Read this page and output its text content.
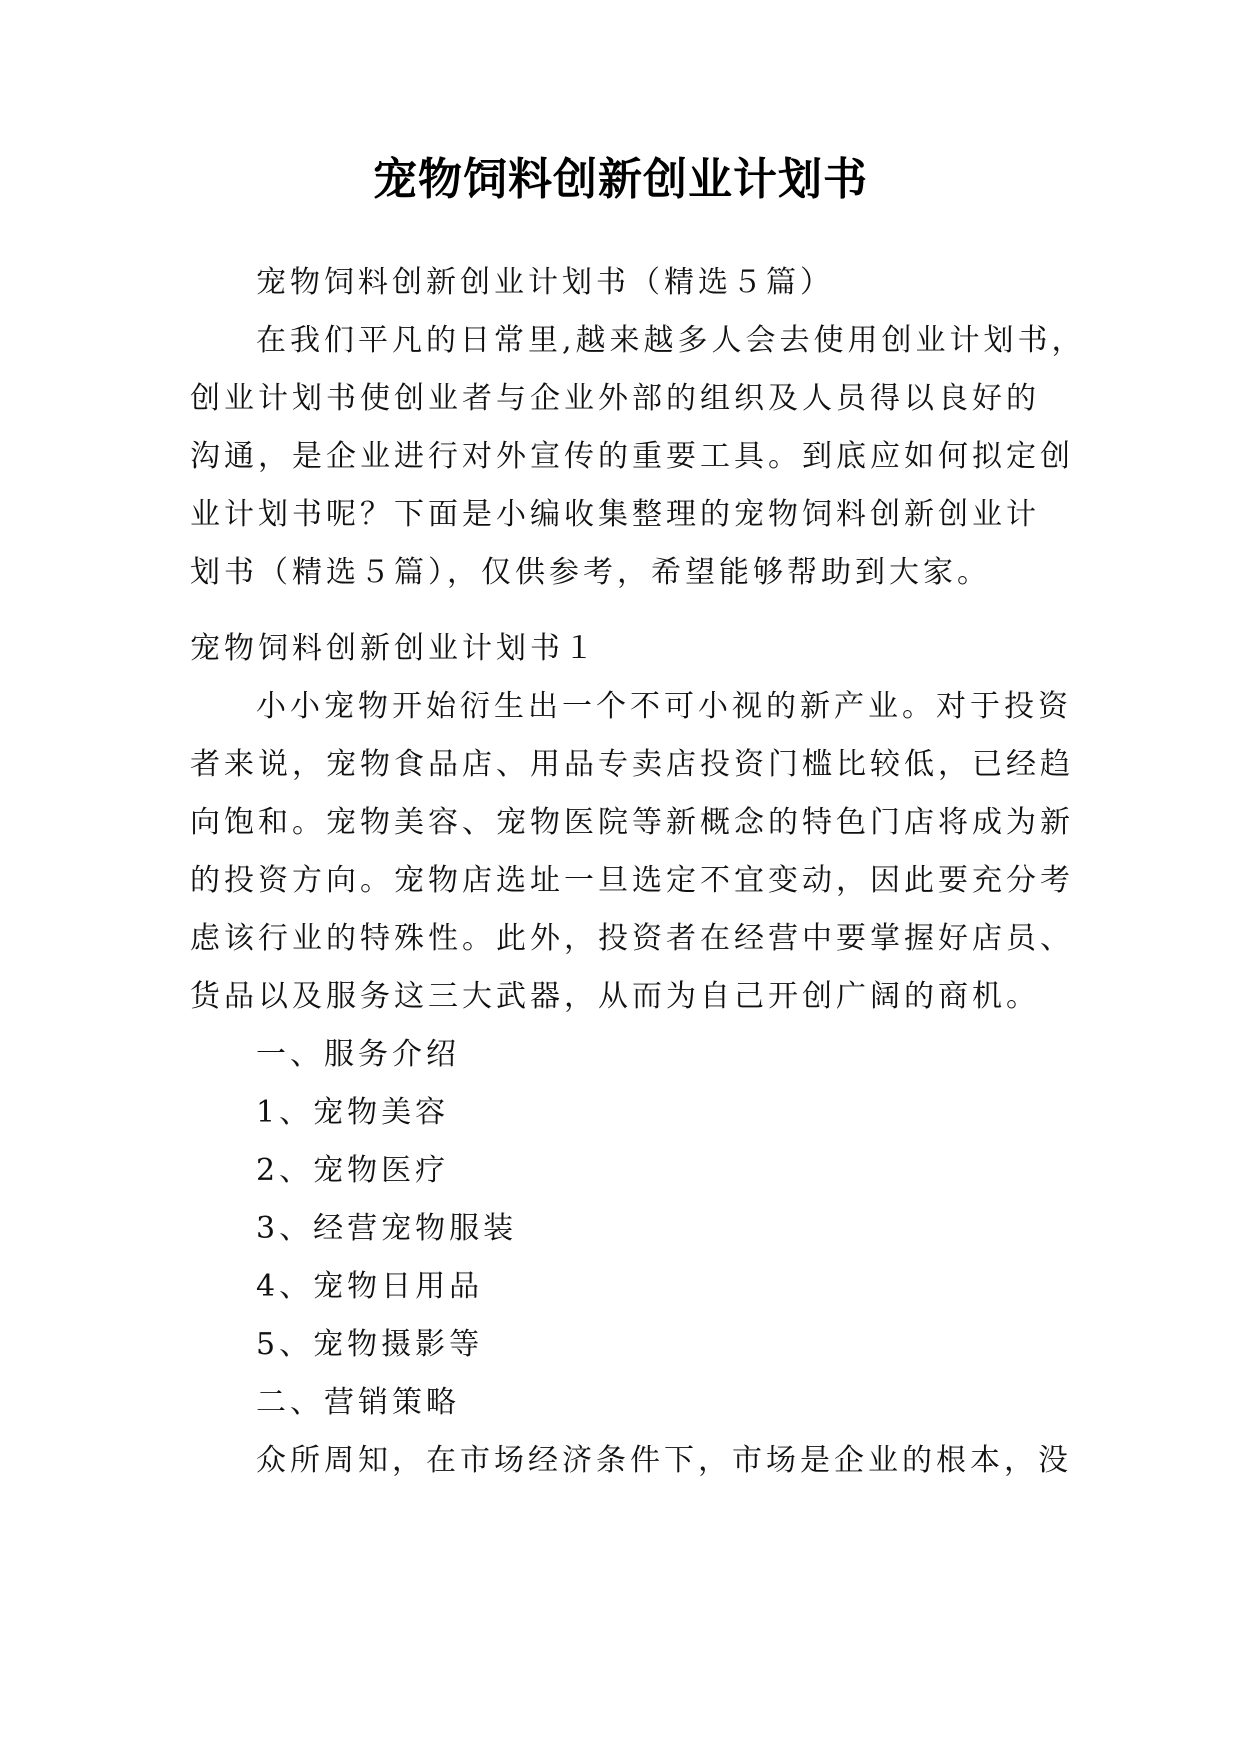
宠物饲料创新创业计划书
宠物饲料创新创业计划书（精选５篇）
在我们平凡的日常里,越来越多人会去使用创业计划书，
创业计划书使创业者与企业外部的组织及人员得以良好的
沟通，是企业进行对外宣传的重要工具。到底应如何拟定创
业计划书呢？下面是小编收集整理的宠物饲料创新创业计
划书（精选５篇），仅供参考，希望能够帮助到大家。
宠物饲料创新创业计划书１
小小宠物开始衍生出一个不可小视的新产业。对于投资
者来说，宠物食品店、用品专卖店投资门槛比较低，已经趋
向饱和。宠物美容、宠物医院等新概念的特色门店将成为新
的投资方向。宠物店选址一旦选定不宜变动，因此要充分考
虑该行业的特殊性。此外，投资者在经营中要掌握好店员、
货品以及服务这三大武器，从而为自己开创广阔的商机。
一、服务介绍
1、宠物美容
2、宠物医疗
3、经营宠物服装
4、宠物日用品
5、宠物摄影等
二、营销策略
众所周知，在市场经济条件下，市场是企业的根本，没
